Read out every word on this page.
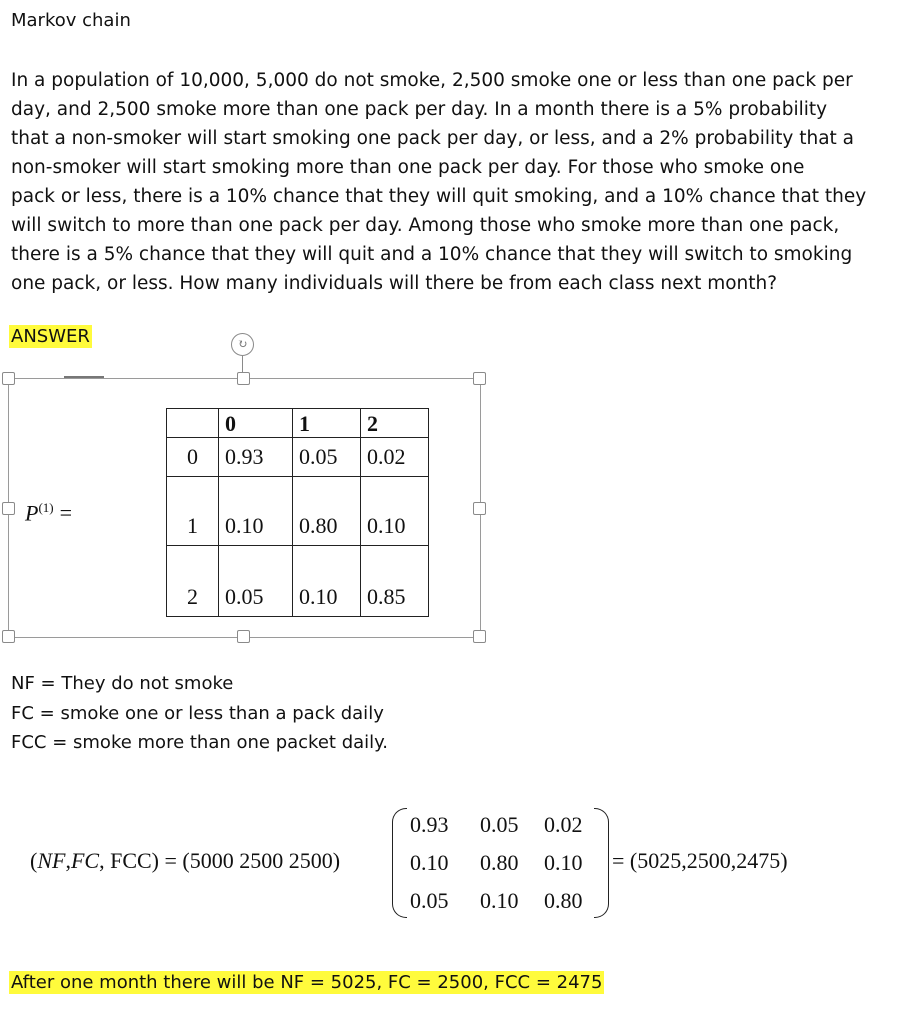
Markov chain
In a population of 10,000, 5,000 do not smoke, 2,500 smoke one or less than one pack per
day, and 2,500 smoke more than one pack per day. In a month there is a 5% probability
that a non-smoker will start smoking one pack per day, or less, and a 2% probability that a
non-smoker will start smoking more than one pack per day. For those who smoke one
pack or less, there is a 10% chance that they will quit smoking, and a 10% chance that they
will switch to more than one pack per day. Among those who smoke more than one pack,
there is a 5% chance that they will quit and a 10% chance that they will switch to smoking
one pack, or less. How many individuals will there be from each class next month?
ANSWER	↻
$P^{(1)}$ =
	0	1	2
0	0.93	0.05	0.02
1	0.10	0.80	0.10
2	0.05	0.10	0.85
NF = They do not smoke
FC = smoke one or less than a pack daily
FCC = smoke more than one packet daily.
(NF,FC, FCC) = (5000 2500 2500)
0.93	0.05	0.02
0.10	0.80	0.10
0.05	0.10	0.80
= (5025,2500,2475)
After one month there will be NF = 5025, FC = 2500, FCC = 2475
